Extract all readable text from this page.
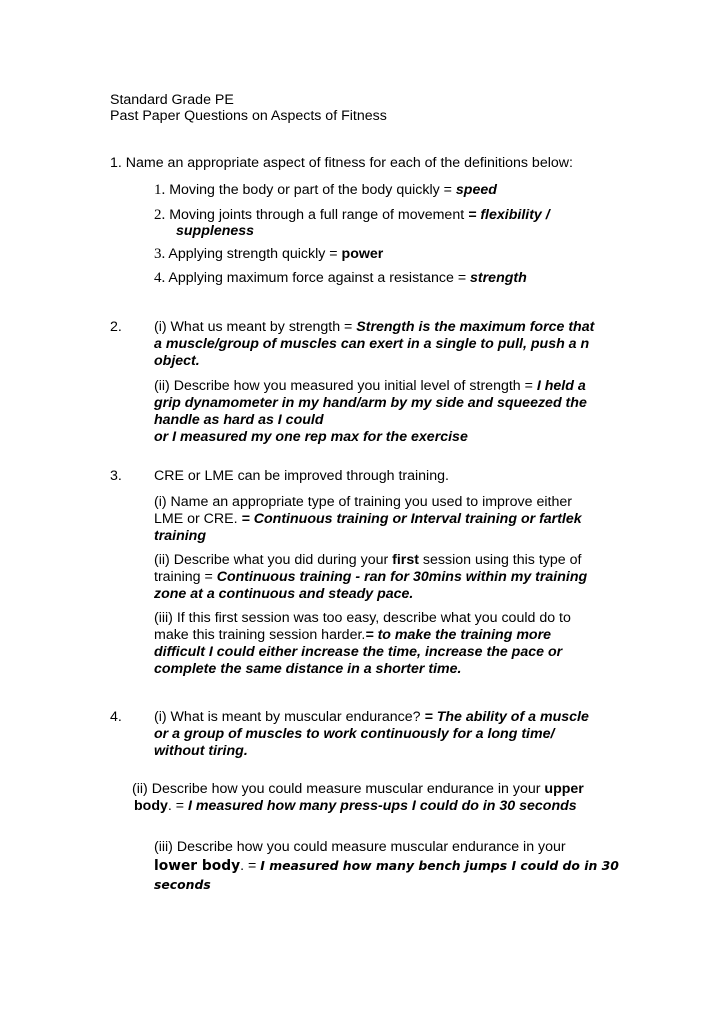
Standard Grade PE
Past Paper Questions on Aspects of Fitness
1. Name an appropriate aspect of fitness for each of the definitions below:
1. Moving the body or part of the body quickly = speed
2. Moving joints through a full range of movement = flexibility /
suppleness
3. Applying strength quickly = power
4. Applying maximum force against a resistance = strength
2. (i) What us meant by strength = Strength is the maximum force that
a muscle/group of muscles can exert in a single to pull, push a n
object.
(ii) Describe how you measured you initial level of strength = I held a
grip dynamometer in my hand/arm by my side and squeezed the
handle as hard as I could
or I measured my one rep max for the exercise
3. CRE or LME can be improved through training.
(i) Name an appropriate type of training you used to improve either
LME or CRE. = Continuous training or Interval training or fartlek
training
(ii) Describe what you did during your first session using this type of
training = Continuous training - ran for 30mins within my training
zone at a continuous and steady pace.
(iii) If this first session was too easy, describe what you could do to
make this training session harder.= to make the training more
difficult I could either increase the time, increase the pace or
complete the same distance in a shorter time.
4. (i) What is meant by muscular endurance? = The ability of a muscle
or a group of muscles to work continuously for a long time/
without tiring.
(ii) Describe how you could measure muscular endurance in your upper
body. = I measured how many press-ups I could do in 30 seconds
(iii) Describe how you could measure muscular endurance in your
lower body. = I measured how many bench jumps I could do in 30
seconds
